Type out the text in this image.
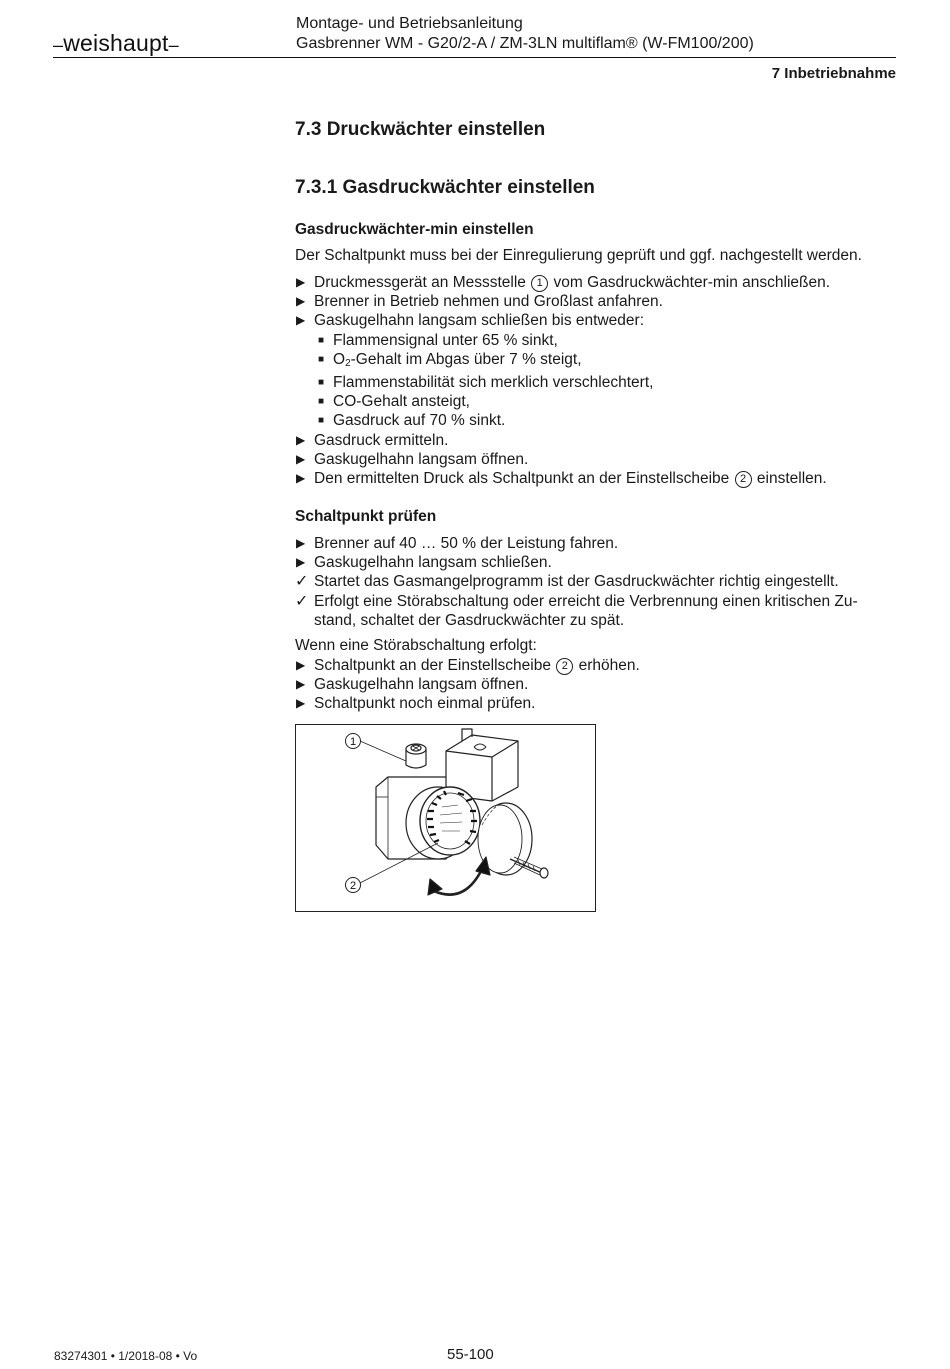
–weishaupt–
Montage- und Betriebsanleitung
Gasbrenner WM - G20/2-A / ZM-3LN multiflam® (W-FM100/200)
7 Inbetriebnahme
7.3 Druckwächter einstellen
7.3.1 Gasdruckwächter einstellen
Gasdruckwächter-min einstellen
Der Schaltpunkt muss bei der Einregulierung geprüft und ggf. nachgestellt werden.
▶ Druckmessgerät an Messstelle 1 vom Gasdruckwächter-min anschließen.
▶ Brenner in Betrieb nehmen und Großlast anfahren.
▶ Gaskugelhahn langsam schließen bis entweder:
■ Flammensignal unter 65 % sinkt,
■ O2-Gehalt im Abgas über 7 % steigt,
■ Flammenstabilität sich merklich verschlechtert,
■ CO-Gehalt ansteigt,
■ Gasdruck auf 70 % sinkt.
▶ Gasdruck ermitteln.
▶ Gaskugelhahn langsam öffnen.
▶ Den ermittelten Druck als Schaltpunkt an der Einstellscheibe 2 einstellen.
Schaltpunkt prüfen
▶ Brenner auf 40 … 50 % der Leistung fahren.
▶ Gaskugelhahn langsam schließen.
✓ Startet das Gasmangelprogramm ist der Gasdruckwächter richtig eingestellt.
✓ Erfolgt eine Störabschaltung oder erreicht die Verbrennung einen kritischen Zu-
stand, schaltet der Gasdruckwächter zu spät.
Wenn eine Störabschaltung erfolgt:
▶ Schaltpunkt an der Einstellscheibe 2 erhöhen.
▶ Gaskugelhahn langsam öffnen.
▶ Schaltpunkt noch einmal prüfen.
1
2
83274301 • 1/2018-08 • Vo	55-100
